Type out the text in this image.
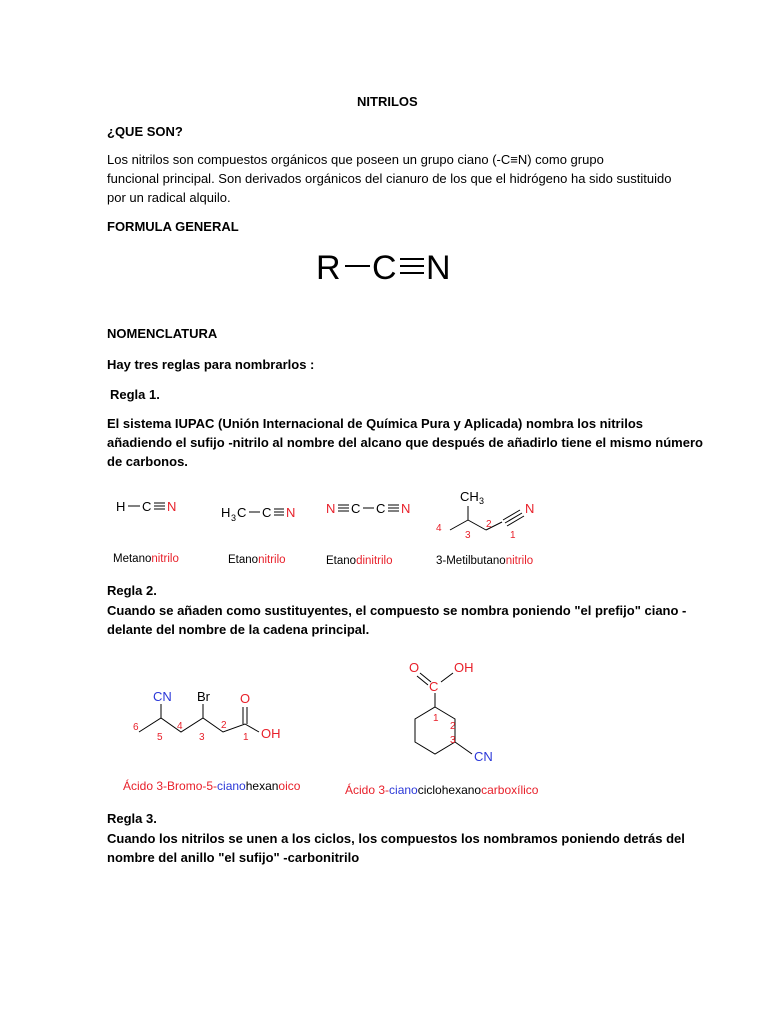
NITRILOS
¿QUE SON?
Los nitrilos son compuestos orgánicos que poseen un grupo ciano (-C≡N) como grupo
funcional principal. Son derivados orgánicos del cianuro de los que el hidrógeno ha sido sustituido
por un radical alquilo.
FORMULA GENERAL
R C N
NOMENCLATURA
Hay tres reglas para nombrarlos :
Regla 1.
El sistema IUPAC (Unión Internacional de Química Pura y Aplicada) nombra los nitrilos
añadiendo el sufijo -nitrilo al nombre del alcano que después de añadirlo tiene el mismo número
de carbonos.
H C N	H 3 C C N N C C N
CH 3	N
4
3
2
1
Metanonitrilo	Etanonitrilo	Etanodinitrilo	3-Metilbutanonitrilo
Regla 2.
Cuando se añaden como sustituyentes, el compuesto se nombra poniendo "el prefijo" ciano -
delante del nombre de la cadena principal.
CN Br O
OH
6
5
4
3
2
1
O
C
OH
CN
1
2
3
Ácido 3-Bromo-5-cianohexanoico	Ácido 3-cianociclohexanocarboxílico
Regla 3.
Cuando los nitrilos se unen a los ciclos, los compuestos los nombramos poniendo detrás del
nombre del anillo "el sufijo" -carbonitrilo
